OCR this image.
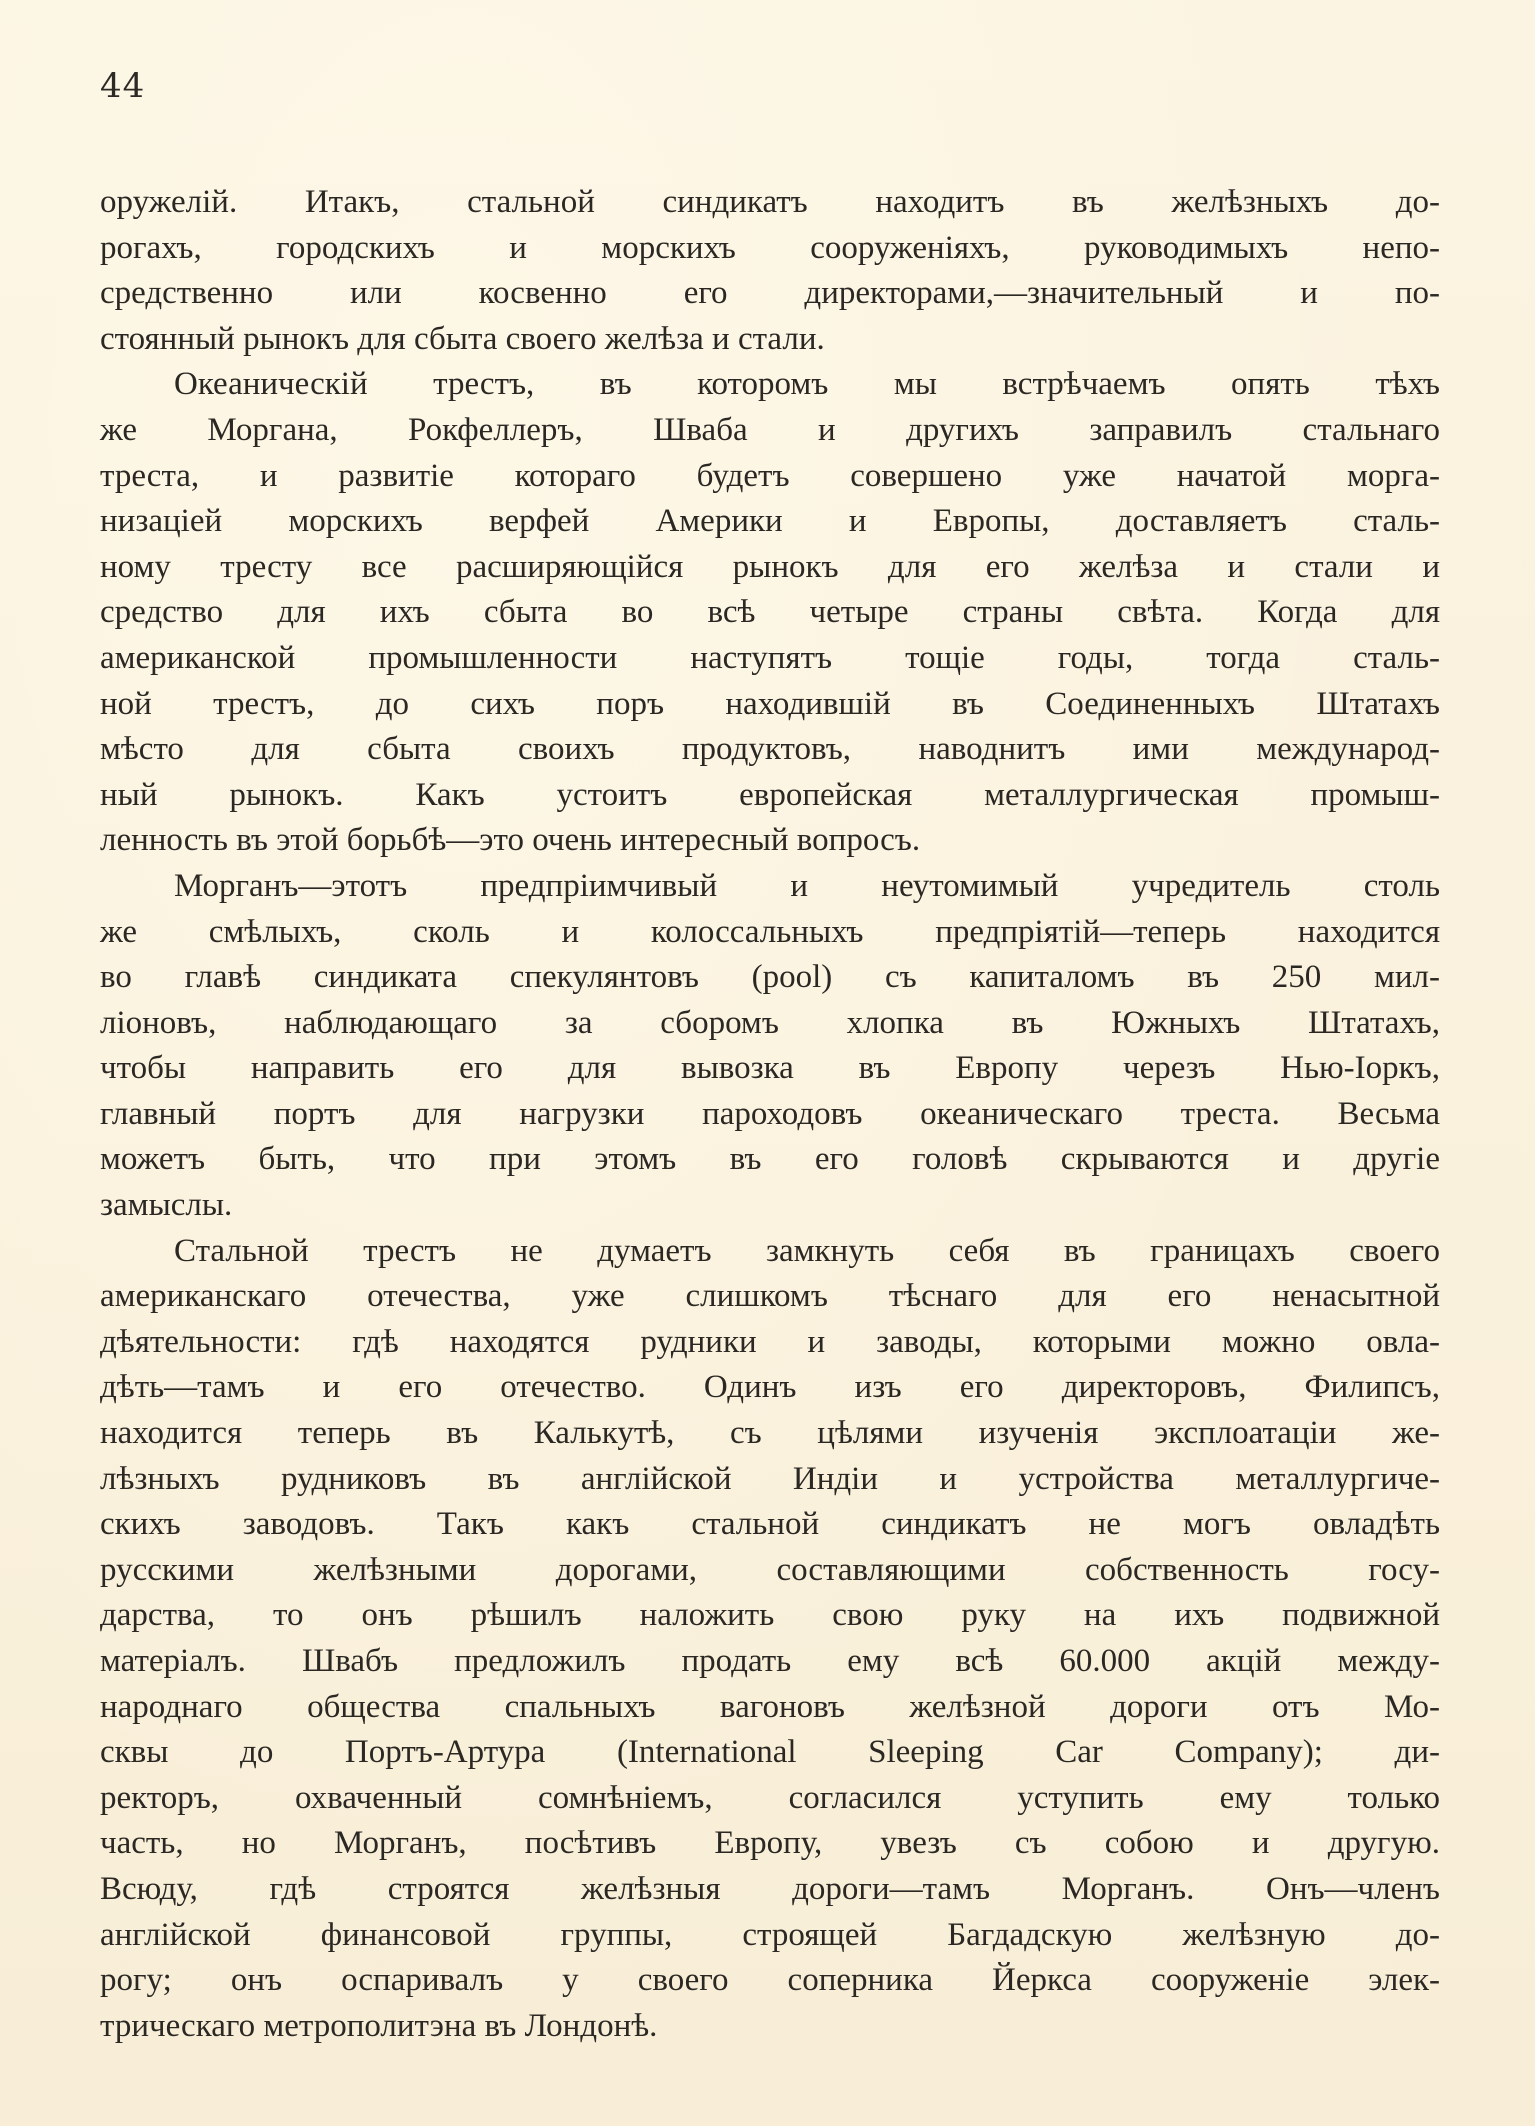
44
оружелій. Итакъ, стальной синдикатъ находитъ въ желѣзныхъ до-
рогахъ, городскихъ и морскихъ сооруженіяхъ, руководимыхъ непо-
средственно или косвенно его директорами,—значительный и по-
стоянный рынокъ для сбыта своего желѣза и стали.
Океаническій трестъ, въ которомъ мы встрѣчаемъ опять тѣхъ
же Моргана, Рокфеллеръ, Шваба и другихъ заправилъ стальнаго
треста, и развитіе котораго будетъ совершено уже начатой морга-
низаціей морскихъ верфей Америки и Европы, доставляетъ сталь-
ному тресту все расширяющійся рынокъ для его желѣза и стали и
средство для ихъ сбыта во всѣ четыре страны свѣта. Когда для
американской промышленности наступятъ тощіе годы, тогда сталь-
ной трестъ, до сихъ поръ находившій въ Соединенныхъ Штатахъ
мѣсто для сбыта своихъ продуктовъ, наводнитъ ими международ-
ный рынокъ. Какъ устоитъ европейская металлургическая промыш-
ленность въ этой борьбѣ—это очень интересный вопросъ.
Морганъ—этотъ предпріимчивый и неутомимый учредитель столь
же смѣлыхъ, сколь и колоссальныхъ предпріятій—теперь находится
во главѣ синдиката спекулянтовъ (pool) съ капиталомъ въ 250 мил-
ліоновъ, наблюдающаго за сборомъ хлопка въ Южныхъ Штатахъ,
чтобы направить его для вывозка въ Европу черезъ Нью-Іоркъ,
главный портъ для нагрузки пароходовъ океаническаго треста. Весьма
можетъ быть, что при этомъ въ его головѣ скрываются и другіе
замыслы.
Стальной трестъ не думаетъ замкнуть себя въ границахъ своего
американскаго отечества, уже слишкомъ тѣснаго для его ненасытной
дѣятельности: гдѣ находятся рудники и заводы, которыми можно овла-
дѣть—тамъ и его отечество. Одинъ изъ его директоровъ, Филипсъ,
находится теперь въ Калькутѣ, съ цѣлями изученія эксплоатаціи же-
лѣзныхъ рудниковъ въ англійской Индіи и устройства металлургиче-
скихъ заводовъ. Такъ какъ стальной синдикатъ не могъ овладѣть
русскими желѣзными дорогами, составляющими собственность госу-
дарства, то онъ рѣшилъ наложить свою руку на ихъ подвижной
матеріалъ. Швабъ предложилъ продать ему всѣ 60.000 акцій между-
народнаго общества спальныхъ вагоновъ желѣзной дороги отъ Мо-
сквы до Портъ-Артура (International Sleeping Car Company); ди-
ректоръ, охваченный сомнѣніемъ, согласился уступить ему только
часть, но Морганъ, посѣтивъ Европу, увезъ съ собою и другую.
Всюду, гдѣ строятся желѣзныя дороги—тамъ Морганъ. Онъ—членъ
англійской финансовой группы, строящей Багдадскую желѣзную до-
рогу; онъ оспаривалъ у своего соперника Йеркса сооруженіе элек-
трическаго метрополитэна въ Лондонѣ.
